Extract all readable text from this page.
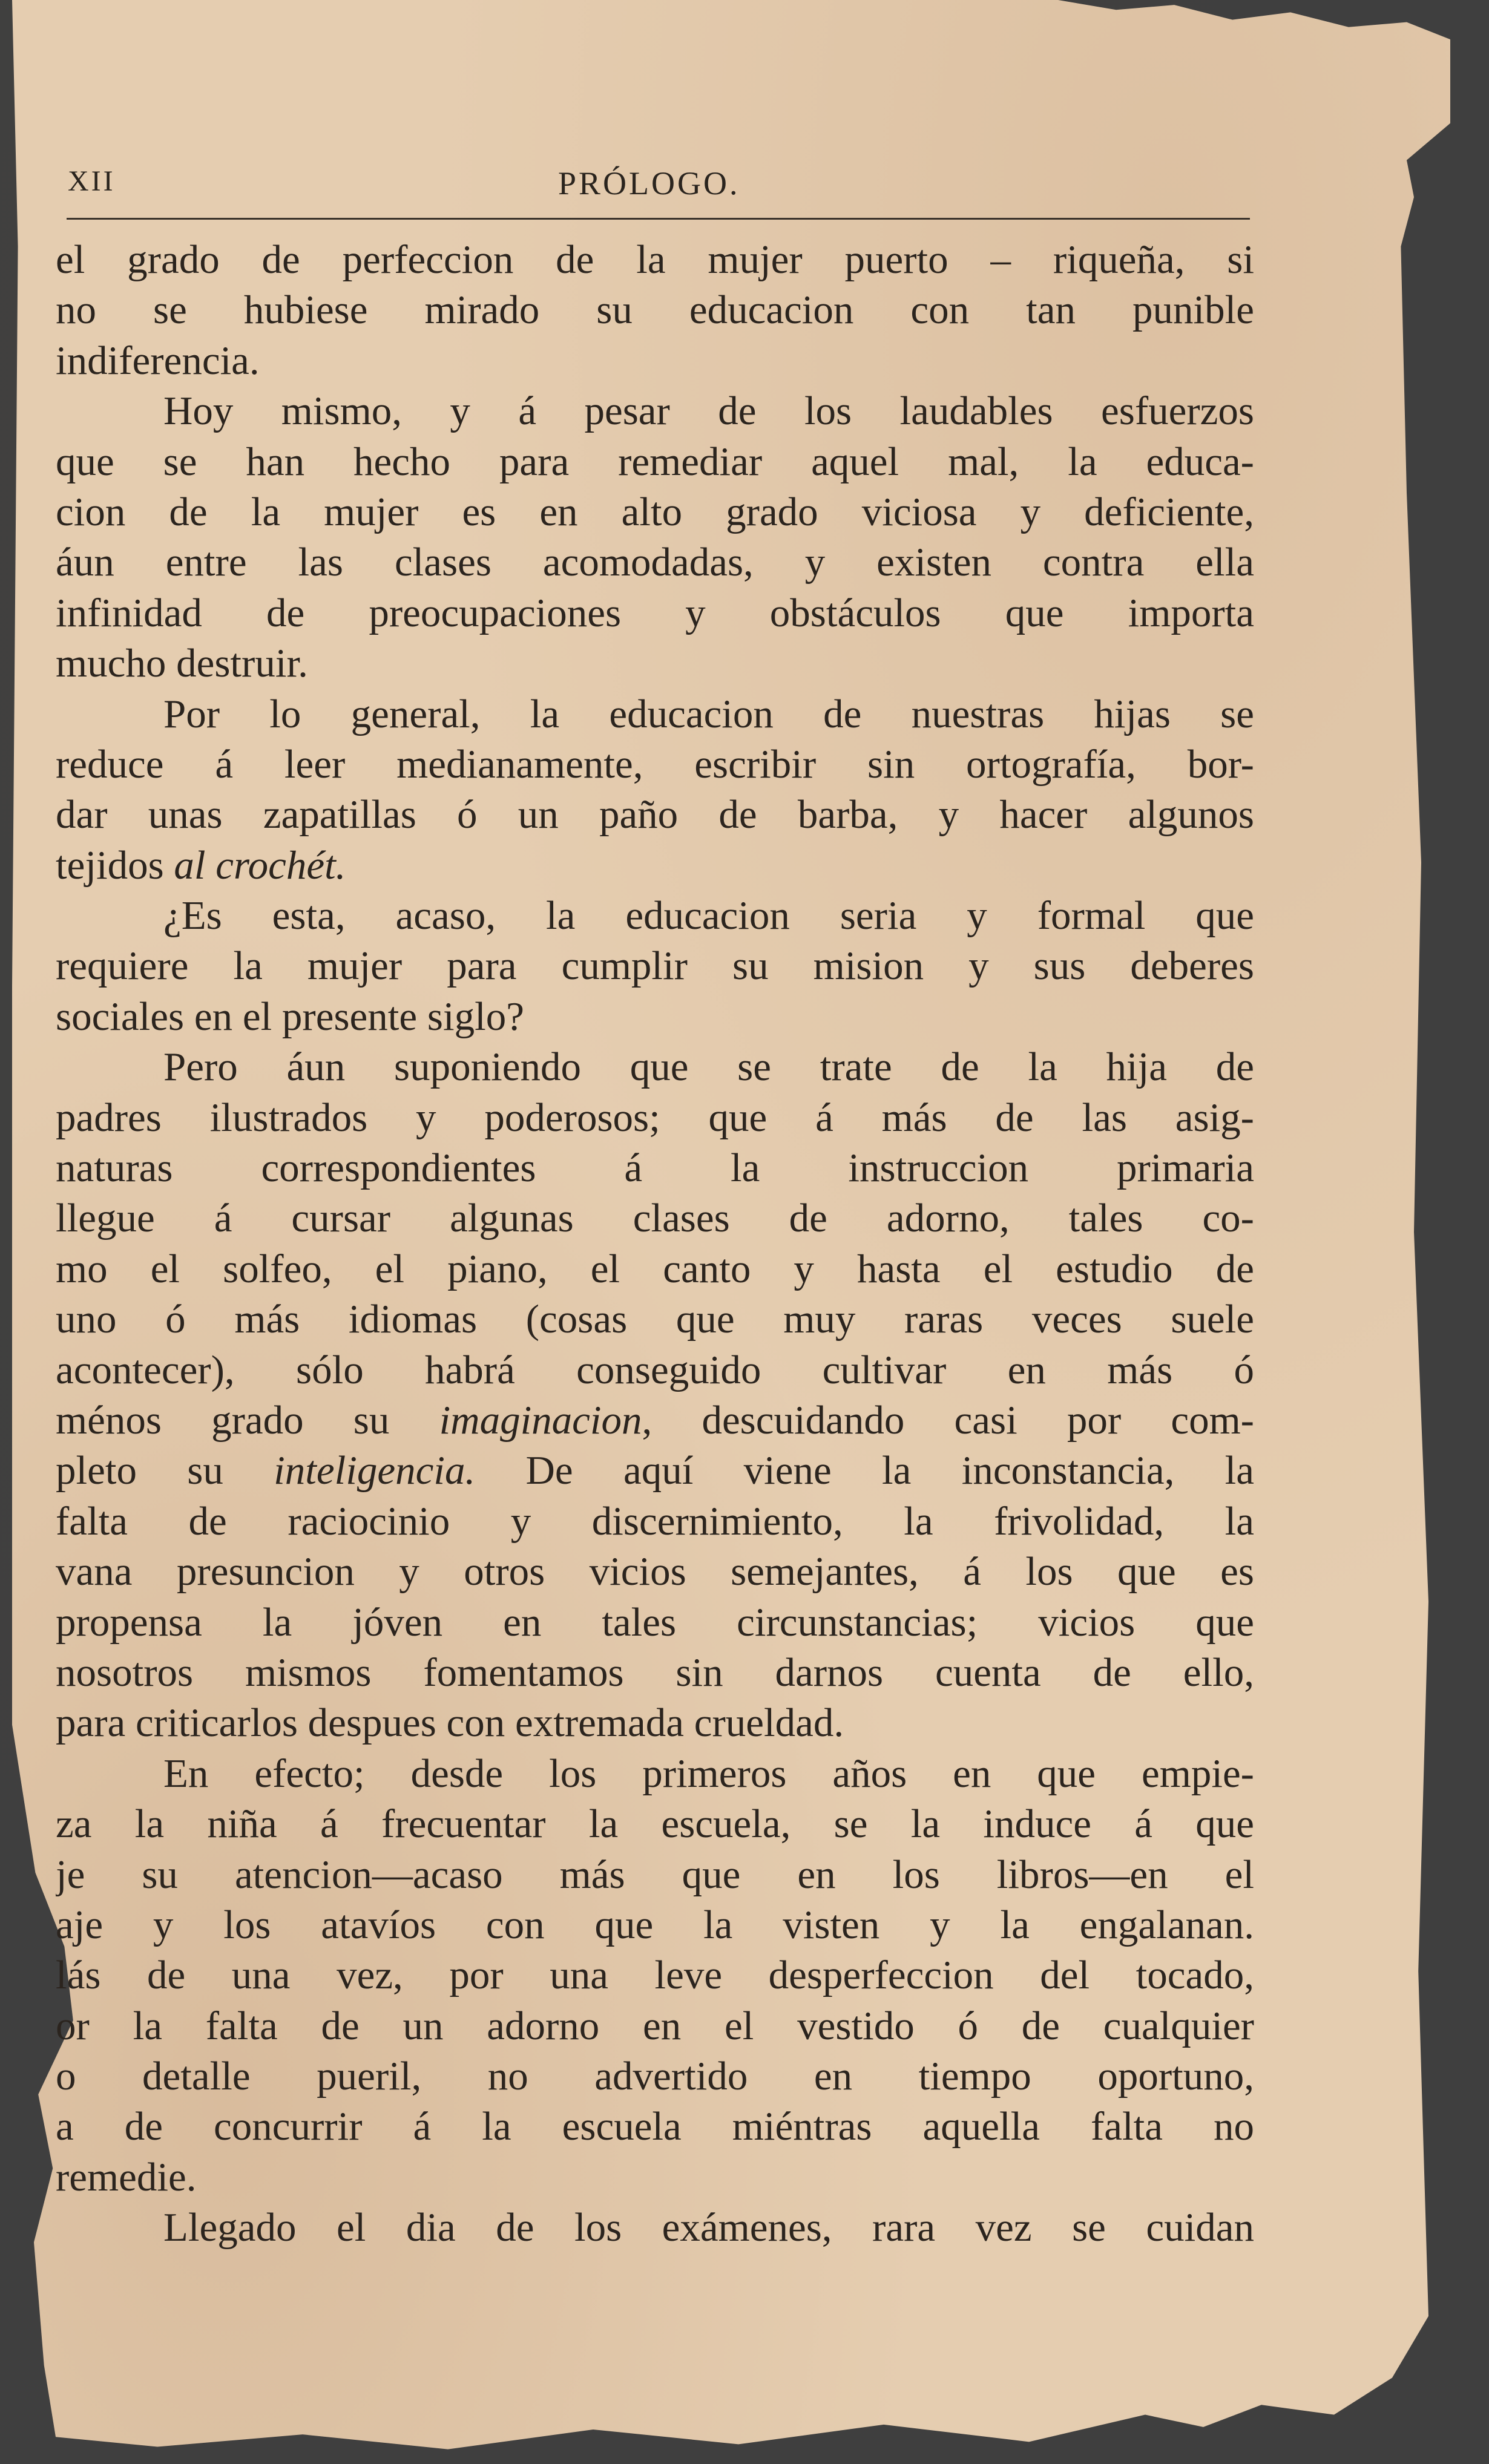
XII	PRÓLOGO.
el grado de perfeccion de la mujer puerto – riqueña, si
no se hubiese mirado su educacion con tan punible
indiferencia.
Hoy mismo, y á pesar de los laudables esfuerzos
que se han hecho para remediar aquel mal, la educa-
cion de la mujer es en alto grado viciosa y deficiente,
áun entre las clases acomodadas, y existen contra ella
infinidad de preocupaciones y obstáculos que importa
mucho destruir.
Por lo general, la educacion de nuestras hijas se
reduce á leer medianamente, escribir sin ortografía, bor-
dar unas zapatillas ó un paño de barba, y hacer algunos
tejidos al crochét.
¿Es esta, acaso, la educacion seria y formal que
requiere la mujer para cumplir su mision y sus deberes
sociales en el presente siglo?
Pero áun suponiendo que se trate de la hija de
padres ilustrados y poderosos; que á más de las asig-
naturas correspondientes á la instruccion primaria
llegue á cursar algunas clases de adorno, tales co-
mo el solfeo, el piano, el canto y hasta el estudio de
uno ó más idiomas (cosas que muy raras veces suele
acontecer), sólo habrá conseguido cultivar en más ó
ménos grado su imaginacion, descuidando casi por com-
pleto su inteligencia. De aquí viene la inconstancia, la
falta de raciocinio y discernimiento, la frivolidad, la
vana presuncion y otros vicios semejantes, á los que es
propensa la jóven en tales circunstancias; vicios que
nosotros mismos fomentamos sin darnos cuenta de ello,
para criticarlos despues con extremada crueldad.
En efecto; desde los primeros años en que empie-
za la niña á frecuentar la escuela, se la induce á que
je su atencion—acaso más que en los libros—en el
aje y los atavíos con que la visten y la engalanan.
lás de una vez, por una leve desperfeccion del tocado,
or la falta de un adorno en el vestido ó de cualquier
o detalle pueril, no advertido en tiempo oportuno,
a de concurrir á la escuela miéntras aquella falta no
remedie.
Llegado el dia de los exámenes, rara vez se cuidan
